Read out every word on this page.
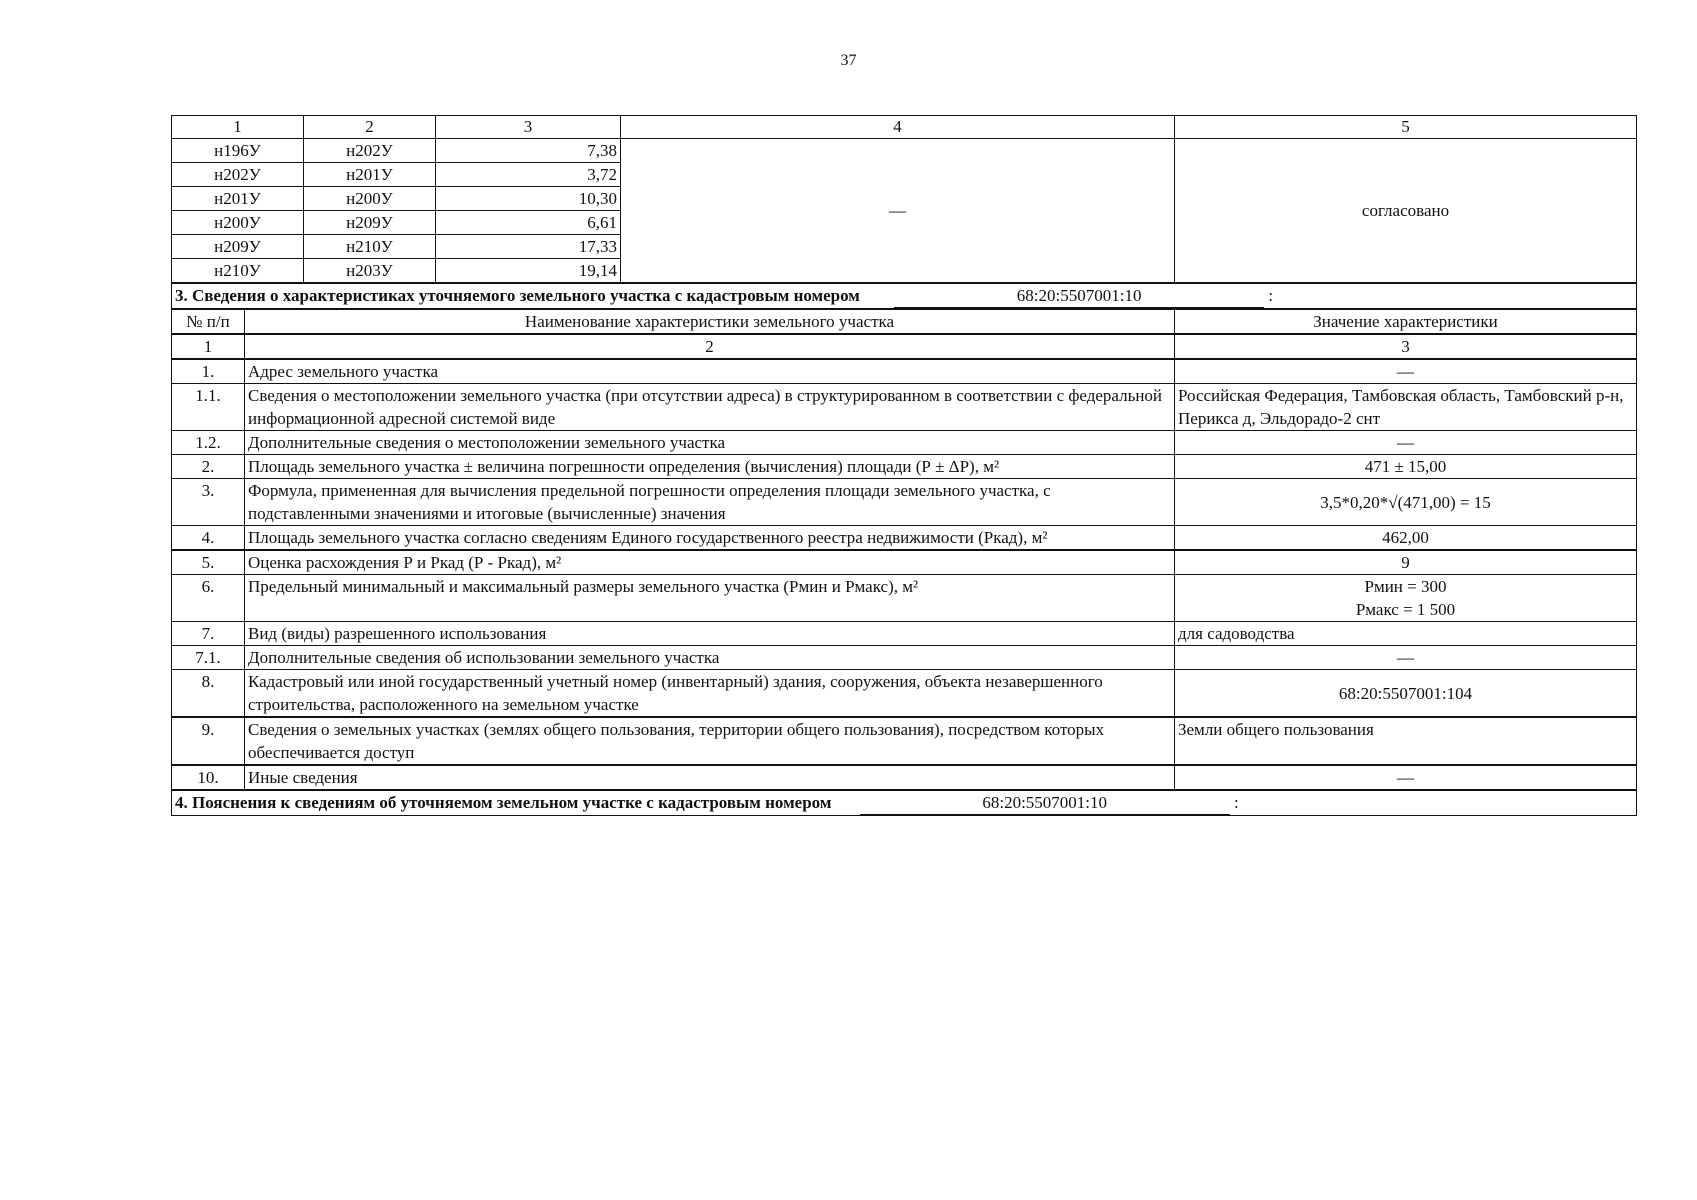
37
1		2	3	4	5
н196У		н202У	7,38	—	согласовано
н202У		н201У	3,72		
н201У		н200У	10,30		
н200У		н209У	6,61		
н209У		н210У	17,33		
н210У		н203У	19,14		
3. Сведения о характеристиках уточняемого земельного участка с кадастровым номером 68:20:5507001:10 :					
№ п/п	Наименование характеристики земельного участка				Значение характеристики
1	2				3
1.	Адрес земельного участка				—
1.1.	Сведения о местоположении земельного участка (при отсутствии адреса) в структурированном в соответствии с федеральной информационной адресной системой виде				Российская Федерация, Тамбовская область, Тамбовский р-н, Перикса д, Эльдорадо-2 снт
1.2.	Дополнительные сведения о местоположении земельного участка				—
2.	Площадь земельного участка ± величина погрешности определения (вычисления) площади (Р ± ΔР), м²				471 ± 15,00
3.	Формула, примененная для вычисления предельной погрешности определения площади земельного участка, с подставленными значениями и итоговые (вычисленные) значения				3,5*0,20*√(471,00) = 15
4.	Площадь земельного участка согласно сведениям Единого государственного реестра недвижимости (Ркад), м²				462,00
5.	Оценка расхождения Р и Ркад (Р - Ркад), м²				9
6.	Предельный минимальный и максимальный размеры земельного участка (Рмин и Рмакс), м²				Рмин = 300
Рмакс = 1 500

7.	Вид (виды) разрешенного использования				для садоводства
7.1.	Дополнительные сведения об использовании земельного участка				—
8.	Кадастровый или иной государственный учетный номер (инвентарный) здания, сооружения, объекта незавершенного строительства, расположенного на земельном участке				68:20:5507001:104
9.	Сведения о земельных участках (землях общего пользования, территории общего пользования), посредством которых обеспечивается доступ				Земли общего пользования
10.	Иные сведения				—
4. Пояснения к сведениям об уточняемом земельном участке с кадастровым номером 68:20:5507001:10 :					
